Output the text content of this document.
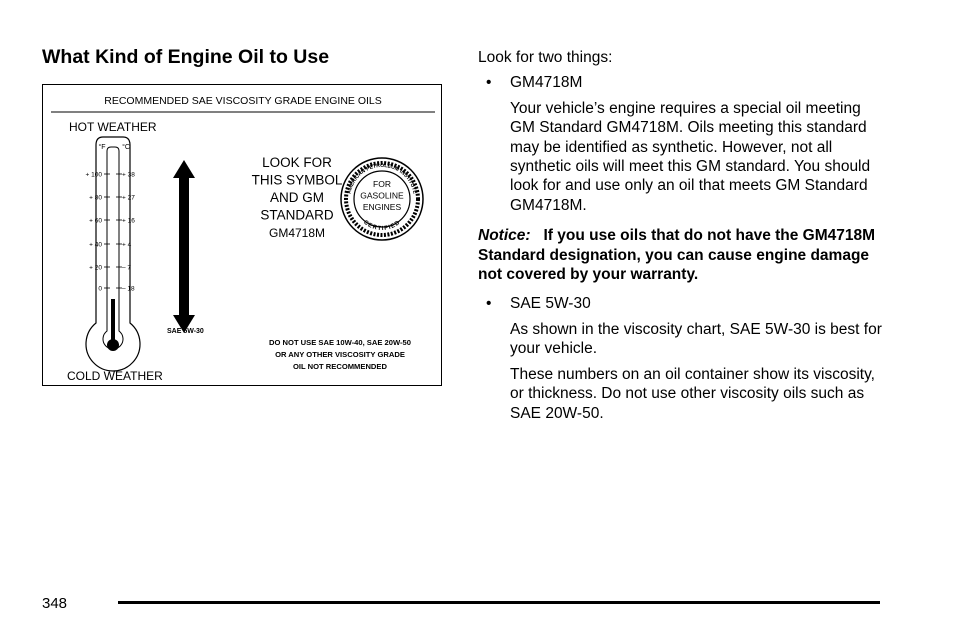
What Kind of Engine Oil to Use
RECOMMENDED SAE VISCOSITY GRADE ENGINE OILS
HOT WEATHER
COLD WEATHER
°F °C
+ 100	+ 38
+ 80	+ 27
+ 60	+ 16
+ 40	+ 4
+ 20	– 7
0	– 18
SAE 5W-30
LOOK FOR
THIS SYMBOL
AND GM
STANDARD
GM4718M
AMERICAN PETROLEUM INSTITUTE
CERTIFIED
FOR
GASOLINE
ENGINES
DO NOT USE SAE 10W-40, SAE 20W-50
OR ANY OTHER VISCOSITY GRADE
OIL NOT RECOMMENDED

Look for two things:

• GM4718M

Your vehicle’s engine requires a special oil meeting GM Standard GM4718M. Oils meeting this standard may be identified as synthetic. However, not all synthetic oils will meet this GM standard. You should look for and use only an oil that meets GM Standard GM4718M.

Notice: If you use oils that do not have the GM4718M Standard designation, you can cause engine damage not covered by your warranty.

• SAE 5W-30

As shown in the viscosity chart, SAE 5W-30 is best for your vehicle.

These numbers on an oil container show its viscosity, or thickness. Do not use other viscosity oils such as SAE 20W-50.

348
